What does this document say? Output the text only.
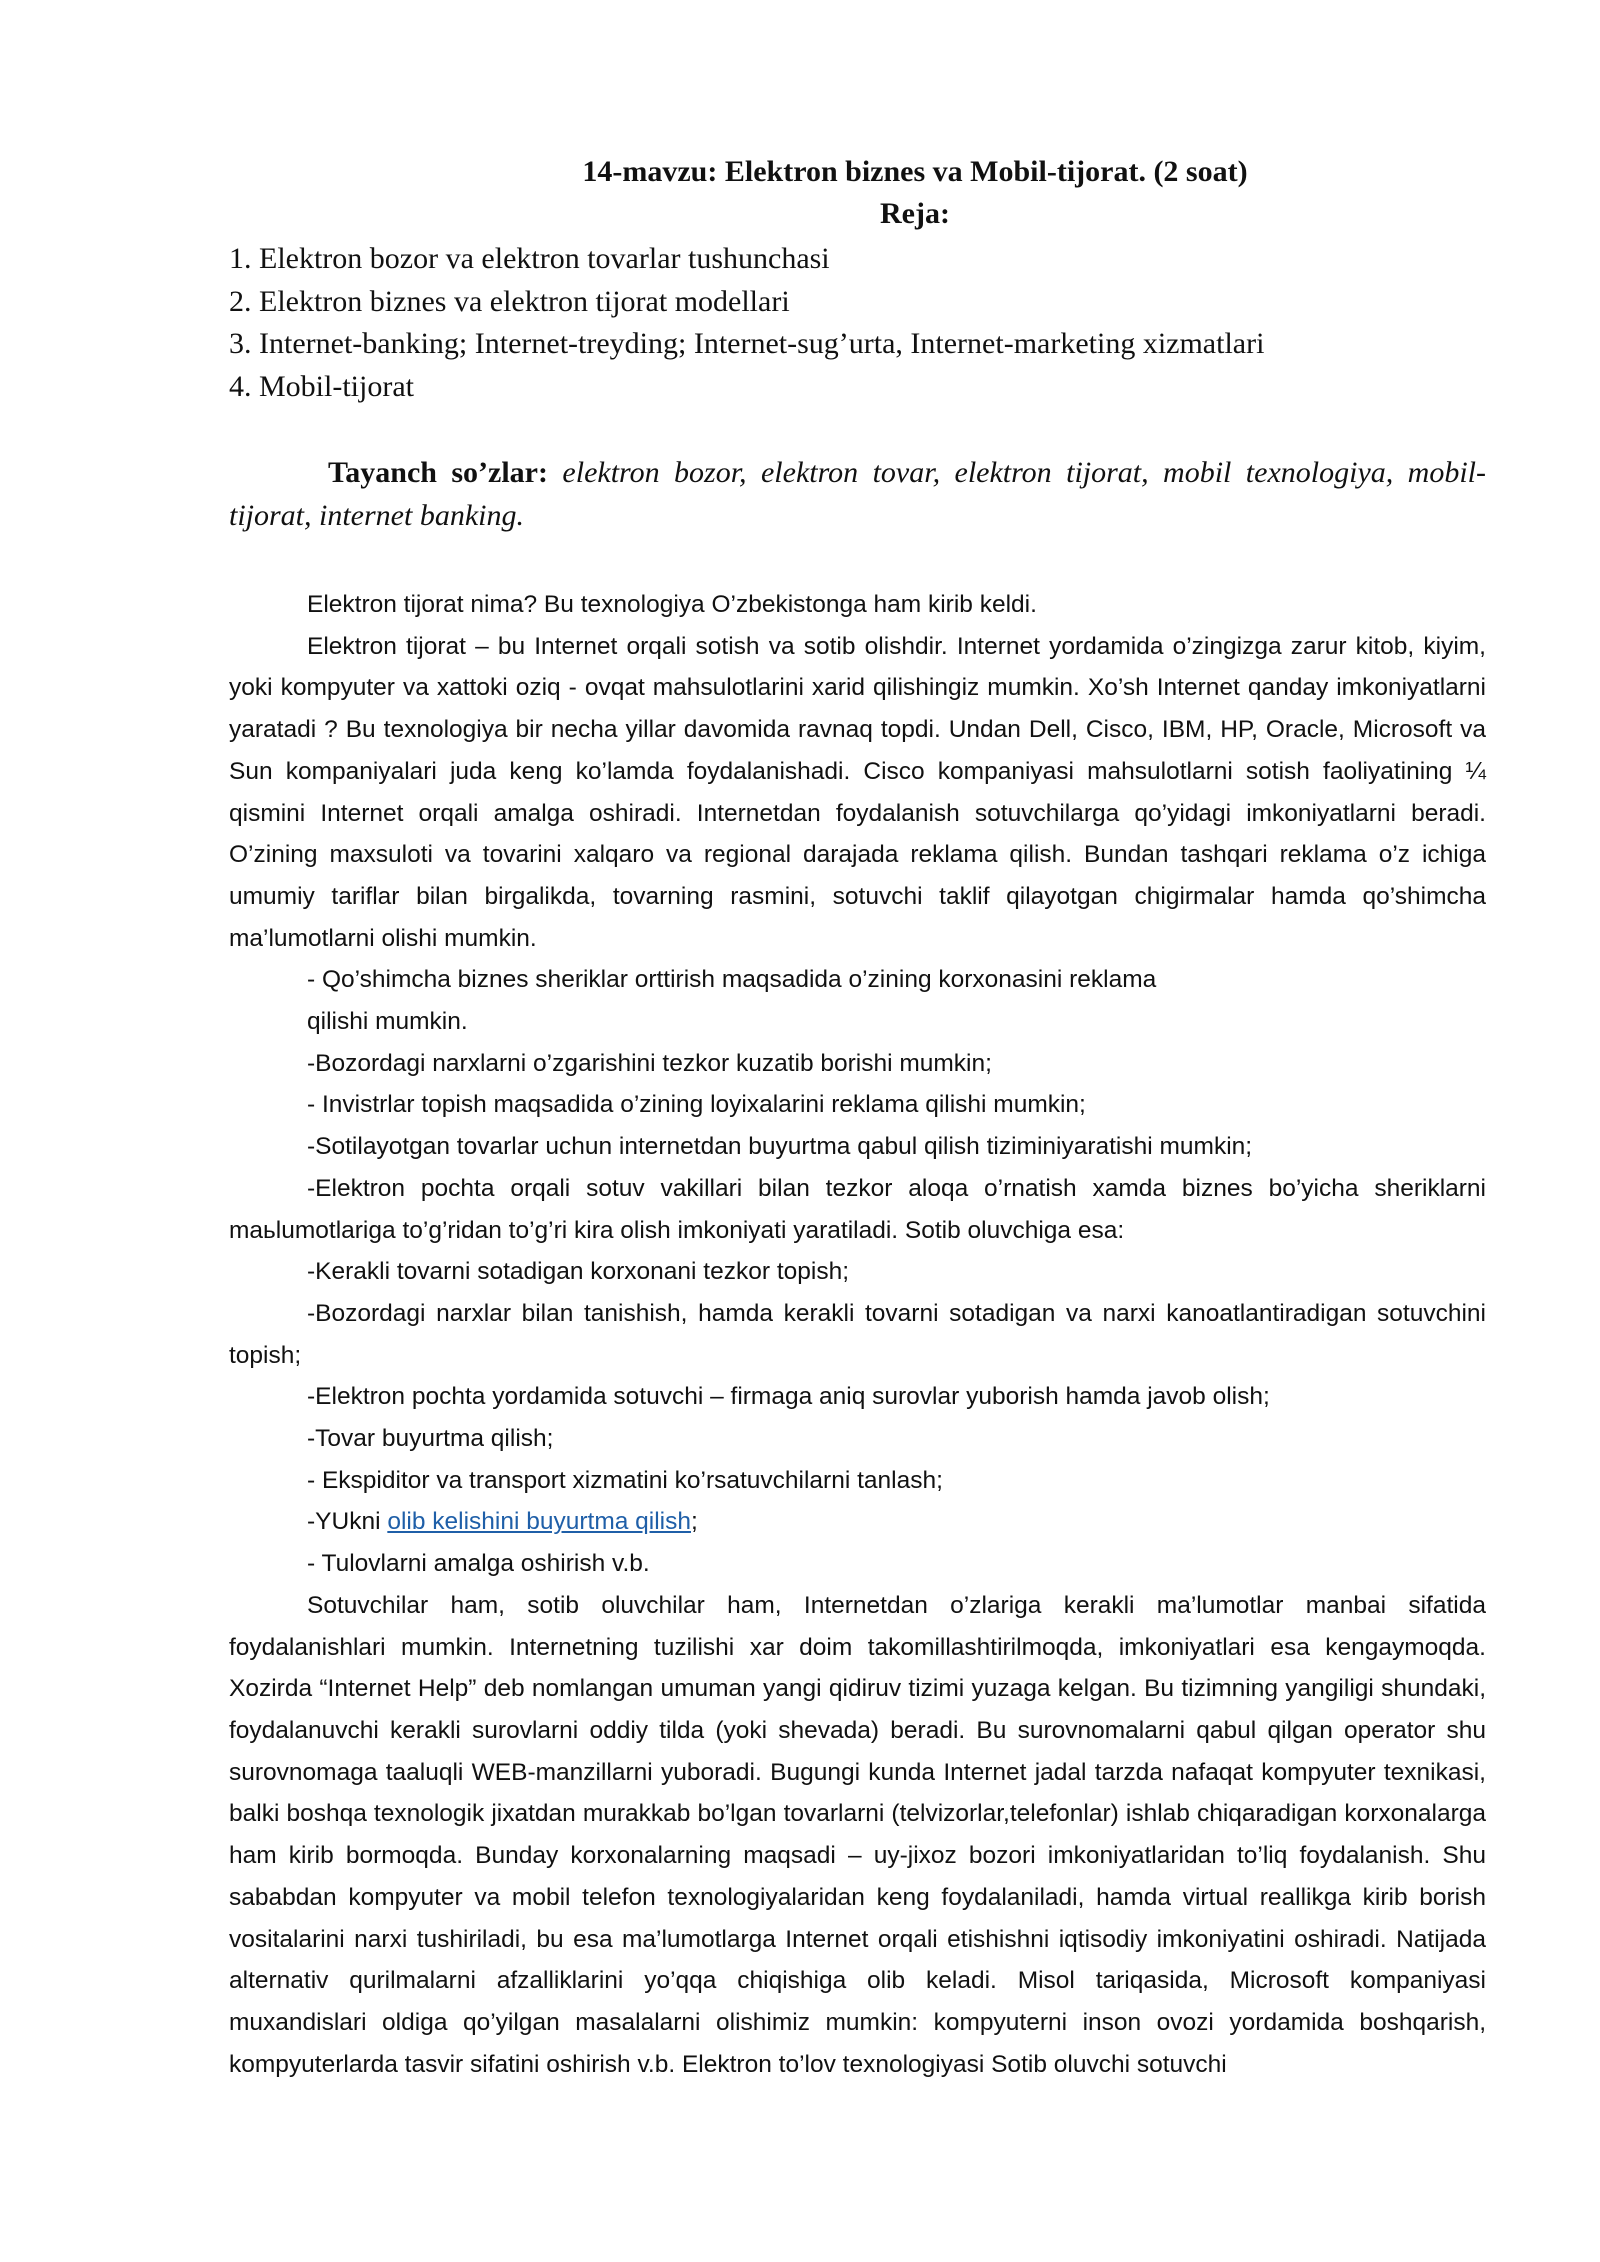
14-mavzu: Elektron biznes va Mobil-tijorat. (2 soat)
Reja:
1. Elektron bozor va elektron tovarlar tushunchasi
2. Elektron biznes va elektron tijorat modellari
3. Internet-banking; Internet-treyding; Internet-sug’urta, Internet-marketing xizmatlari
4. Mobil-tijorat

Tayanch so’zlar: elektron bozor, elektron tovar, elektron tijorat, mobil texnologiya, mobil-tijorat, internet banking.

Elektron tijorat nima? Bu texnologiya O’zbekistonga ham kirib keldi.

Elektron tijorat – bu Internet orqali sotish va sotib olishdir. Internet yordamida o’zingizga zarur kitob, kiyim, yoki kompyuter va xattoki oziq - ovqat mahsulotlarini xarid qilishingiz mumkin. Xo’sh Internet qanday imkoniyatlarni yaratadi ? Bu texnologiya bir necha yillar davomida ravnaq topdi. Undan Dell, Cisco, IBM, HP, Oracle, Microsoft va Sun kompaniyalari juda keng ko’lamda foydalanishadi. Cisco kompaniyasi mahsulotlarni sotish faoliyatining ¼ qismini Internet orqali amalga oshiradi. Internetdan foydalanish sotuvchilarga qo’yidagi imkoniyatlarni beradi. O’zining maxsuloti va tovarini xalqaro va regional darajada reklama qilish. Bundan tashqari reklama o’z ichiga umumiy tariflar bilan birgalikda, tovarning rasmini, sotuvchi taklif qilayotgan chigirmalar hamda qo’shimcha ma’lumotlarni olishi mumkin.

- Qo’shimcha biznes sheriklar orttirish maqsadida o’zining korxonasini reklama

qilishi mumkin.

-Bozordagi narxlarni o’zgarishini tezkor kuzatib borishi mumkin;

- Invistrlar topish maqsadida o’zining loyixalarini reklama qilishi mumkin;

-Sotilayotgan tovarlar uchun internetdan buyurtma qabul qilish tiziminiyaratishi mumkin;

-Elektron pochta orqali sotuv vakillari bilan tezkor aloqa o’rnatish xamda biznes bo’yicha sheriklarni maьlumotlariga to’g’ridan to’g’ri kira olish imkoniyati yaratiladi. Sotib oluvchiga esa:

-Kerakli tovarni sotadigan korxonani tezkor topish;

-Bozordagi narxlar bilan tanishish, hamda kerakli tovarni sotadigan va narxi kanoatlantiradigan sotuvchini topish;

-Elektron pochta yordamida sotuvchi – firmaga aniq surovlar yuborish hamda javob olish;

-Tovar buyurtma qilish;

- Ekspiditor va transport xizmatini ko’rsatuvchilarni tanlash;

-YUkni olib kelishini buyurtma qilish;

- Tulovlarni amalga oshirish v.b.

Sotuvchilar ham, sotib oluvchilar ham, Internetdan o’zlariga kerakli ma’lumotlar manbai sifatida foydalanishlari mumkin. Internetning tuzilishi xar doim takomillashtirilmoqda, imkoniyatlari esa kengaymoqda. Xozirda “Internet Help” deb nomlangan umuman yangi qidiruv tizimi yuzaga kelgan. Bu tizimning yangiligi shundaki, foydalanuvchi kerakli surovlarni oddiy tilda (yoki shevada) beradi. Bu surovnomalarni qabul qilgan operator shu surovnomaga taaluqli WEB-manzillarni yuboradi. Bugungi kunda Internet jadal tarzda nafaqat kompyuter texnikasi, balki boshqa texnologik jixatdan murakkab bo’lgan tovarlarni (telvizorlar,telefonlar) ishlab chiqaradigan korxonalarga ham kirib bormoqda. Bunday korxonalarning maqsadi – uy-jixoz bozori imkoniyatlaridan to’liq foydalanish. Shu sababdan kompyuter va mobil telefon texnologiyalaridan keng foydalaniladi, hamda virtual reallikga kirib borish vositalarini narxi tushiriladi, bu esa ma’lumotlarga Internet orqali etishishni iqtisodiy imkoniyatini oshiradi. Natijada alternativ qurilmalarni afzalliklarini yo’qqa chiqishiga olib keladi. Misol tariqasida, Microsoft kompaniyasi muxandislari oldiga qo’yilgan masalalarni olishimiz mumkin: kompyuterni inson ovozi yordamida boshqarish, kompyuterlarda tasvir sifatini oshirish v.b. Elektron to’lov texnologiyasi Sotib oluvchi sotuvchi
